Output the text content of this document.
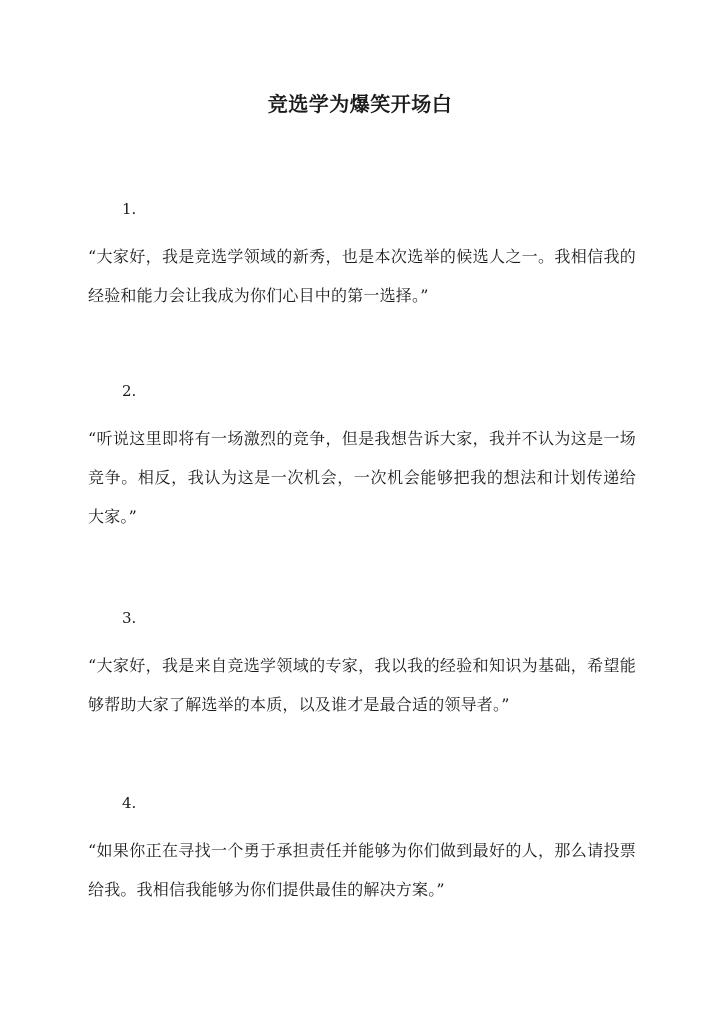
竞选学为爆笑开场白
1.
“大家好，我是竞选学领域的新秀，也是本次选举的候选人之一。我相信我的经验和能力会让我成为你们心目中的第一选择。”
2.
“听说这里即将有一场激烈的竞争，但是我想告诉大家，我并不认为这是一场竞争。相反，我认为这是一次机会，一次机会能够把我的想法和计划传递给大家。”
3.
“大家好，我是来自竞选学领域的专家，我以我的经验和知识为基础，希望能够帮助大家了解选举的本质，以及谁才是最合适的领导者。”
4.
“如果你正在寻找一个勇于承担责任并能够为你们做到最好的人，那么请投票给我。我相信我能够为你们提供最佳的解决方案。”
